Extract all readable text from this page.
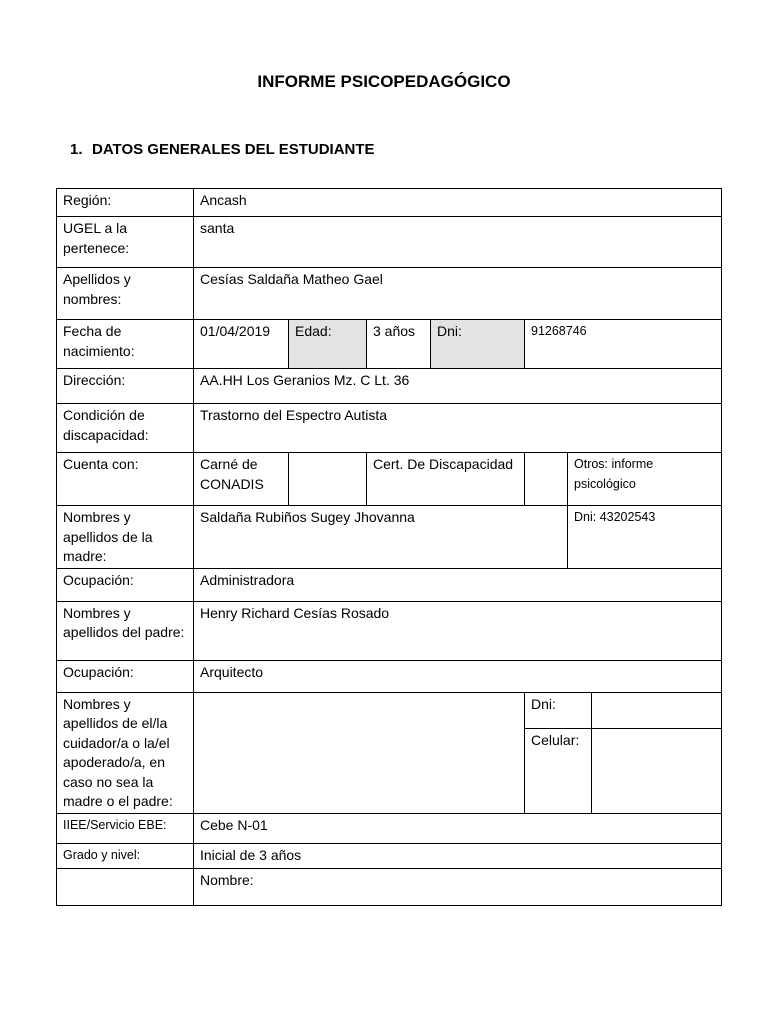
INFORME PSICOPEDAGÓGICO
1. DATOS GENERALES DEL ESTUDIANTE
Región:	Ancash						
UGEL a la pertenece:	santa						
Apellidos y nombres:	Cesías Saldaña Matheo Gael						
Fecha de nacimiento:	01/04/2019	Edad:	3 años	Dni:	91268746		
Dirección:	AA.HH Los Geranios Mz. C Lt. 36						
Condición de discapacidad:	Trastorno del Espectro Autista						
Cuenta con:	Carné de CONADIS		Cert. De Discapacidad			Otros: informe psicológico	
Nombres y apellidos de la madre:	Saldaña Rubiños Sugey Jhovanna					Dni: 43202543	
Ocupación:	Administradora						
Nombres y apellidos del padre:	Henry Richard Cesías Rosado						
Ocupación:	Arquitecto						
Nombres y apellidos de el/la cuidador/a o la/el apoderado/a, en caso no sea la madre o el padre:					Dni:		
					Celular:		
IIEE/Servicio EBE:	Cebe N-01						
Grado y nivel:	Inicial de 3 años						
	Nombre:						
